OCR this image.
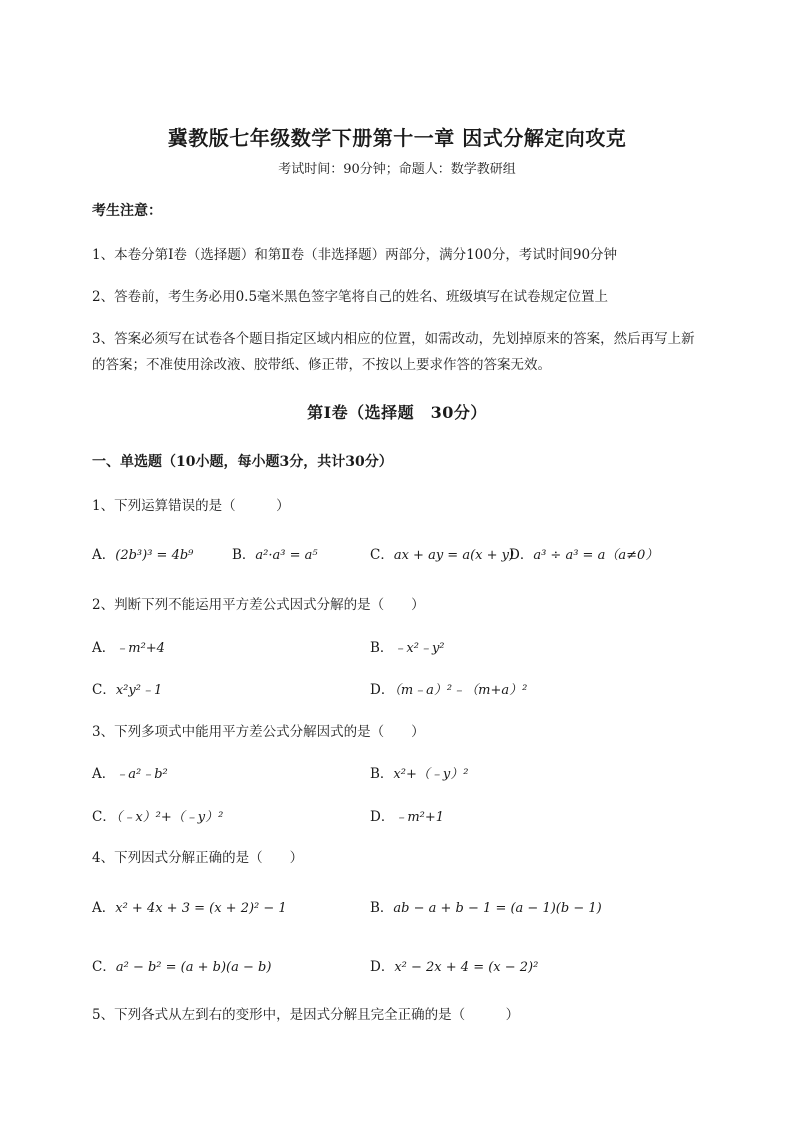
冀教版七年级数学下册第十一章 因式分解定向攻克
考试时间：90分钟；命题人：数学教研组
考生注意：
1、本卷分第I卷（选择题）和第Ⅱ卷（非选择题）两部分，满分100分，考试时间90分钟
2、答卷前，考生务必用0.5毫米黑色签字笔将自己的姓名、班级填写在试卷规定位置上
3、答案必须写在试卷各个题目指定区域内相应的位置，如需改动，先划掉原来的答案，然后再写上新
的答案；不准使用涂改液、胶带纸、修正带，不按以上要求作答的答案无效。
第I卷（选择题　30分）
一、单选题（10小题，每小题3分，共计30分）
1、下列运算错误的是（　　　）
A．(2b³)³ = 4b⁹	B．a²·a³ = a⁵	C．ax + ay = a(x + y)
D．a³ ÷ a³ = a（a≠0）
2、判断下列不能运用平方差公式因式分解的是（　　）
A．﹣m²+4	B．﹣x²﹣y²
C．x²y²﹣1	D．（m﹣a）²﹣（m+a）²
3、下列多项式中能用平方差公式分解因式的是（　　）
A．﹣a²﹣b²	B．x²+（﹣y）²
C．（﹣x）²+（﹣y）²	D．﹣m²+1
4、下列因式分解正确的是（　　）
A．x² + 4x + 3 = (x + 2)² − 1	B．ab − a + b − 1 = (a − 1)(b − 1)
C．a² − b² = (a + b)(a − b)	D．x² − 2x + 4 = (x − 2)²
5、下列各式从左到右的变形中，是因式分解且完全正确的是（　　　）
